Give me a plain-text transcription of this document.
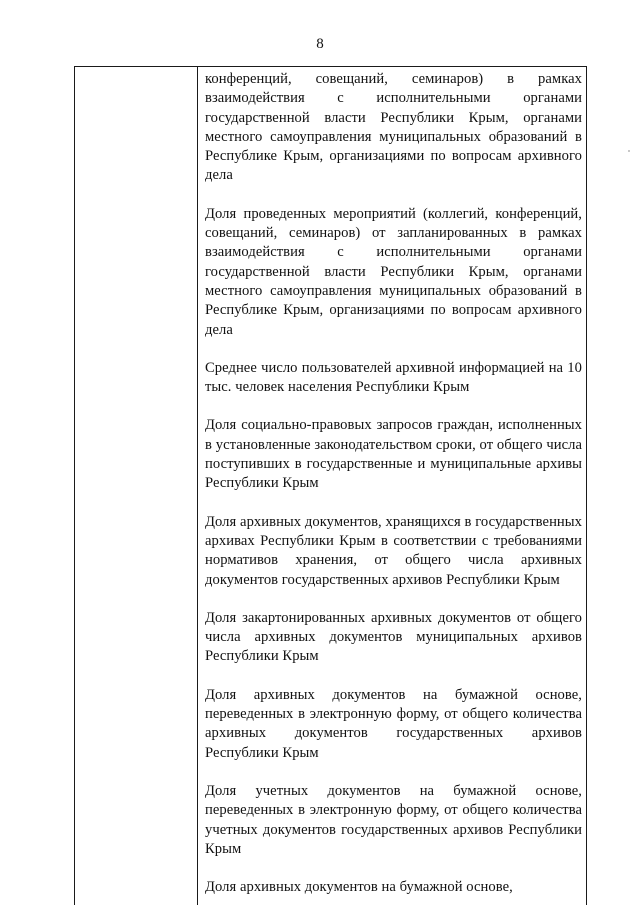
8

конференций, совещаний, семинаров) в рамках взаимодействия с исполнительными органами государственной власти Республики Крым, органами местного самоуправления муниципальных образований в Республике Крым, организациями по вопросам архивного дела

Доля проведенных мероприятий (коллегий, конференций, совещаний, семинаров) от запланированных в рамках взаимодействия с исполнительными органами государственной власти Республики Крым, органами местного самоуправления муниципальных образований в Республике Крым, организациями по вопросам архивного дела

Среднее число пользователей архивной информацией на 10 тыс. человек населения Республики Крым

Доля социально-правовых запросов граждан, исполненных в установленные законодательством сроки, от общего числа поступивших в государственные и муниципальные архивы Республики Крым

Доля архивных документов, хранящихся в государственных архивах Республики Крым в соответствии с требованиями нормативов хранения, от общего числа архивных документов государственных архивов Республики Крым

Доля закартонированных архивных документов от общего числа архивных документов муниципальных архивов Республики Крым

Доля архивных документов на бумажной основе, переведенных в электронную форму, от общего количества архивных документов государственных архивов Республики Крым

Доля учетных документов на бумажной основе, переведенных в электронную форму, от общего количества учетных документов государственных архивов Республики Крым

Доля архивных документов на бумажной основе,
